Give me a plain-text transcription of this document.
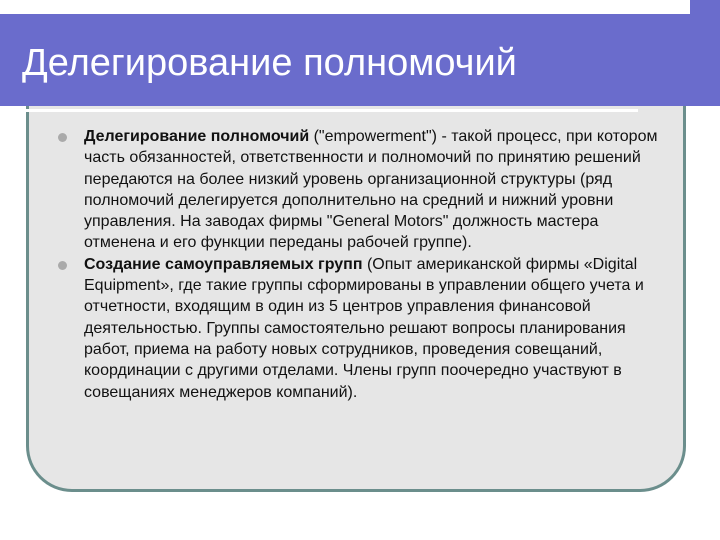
Делегирование полномочий

Делегирование полномочий ("empowerment") - такой процесс, при котором часть обязанностей, ответственности и полномочий по принятию решений передаются на более низкий уровень организационной структуры (ряд полномочий делегируется дополнительно на средний и нижний уровни управления. На заводах фирмы "General Motors" должность мастера отменена и его функции переданы рабочей группе).

Создание самоуправляемых групп (Опыт американской фирмы «Digital Equipment», где такие группы сформированы в управлении общего учета и отчетности, входящим в один из 5 центров управления финансовой деятельностью. Группы самостоятельно решают вопросы планирования работ, приема на работу новых сотрудников, проведения совещаний, координации с другими отделами. Члены групп поочередно участвуют в совещаниях менеджеров компаний).
